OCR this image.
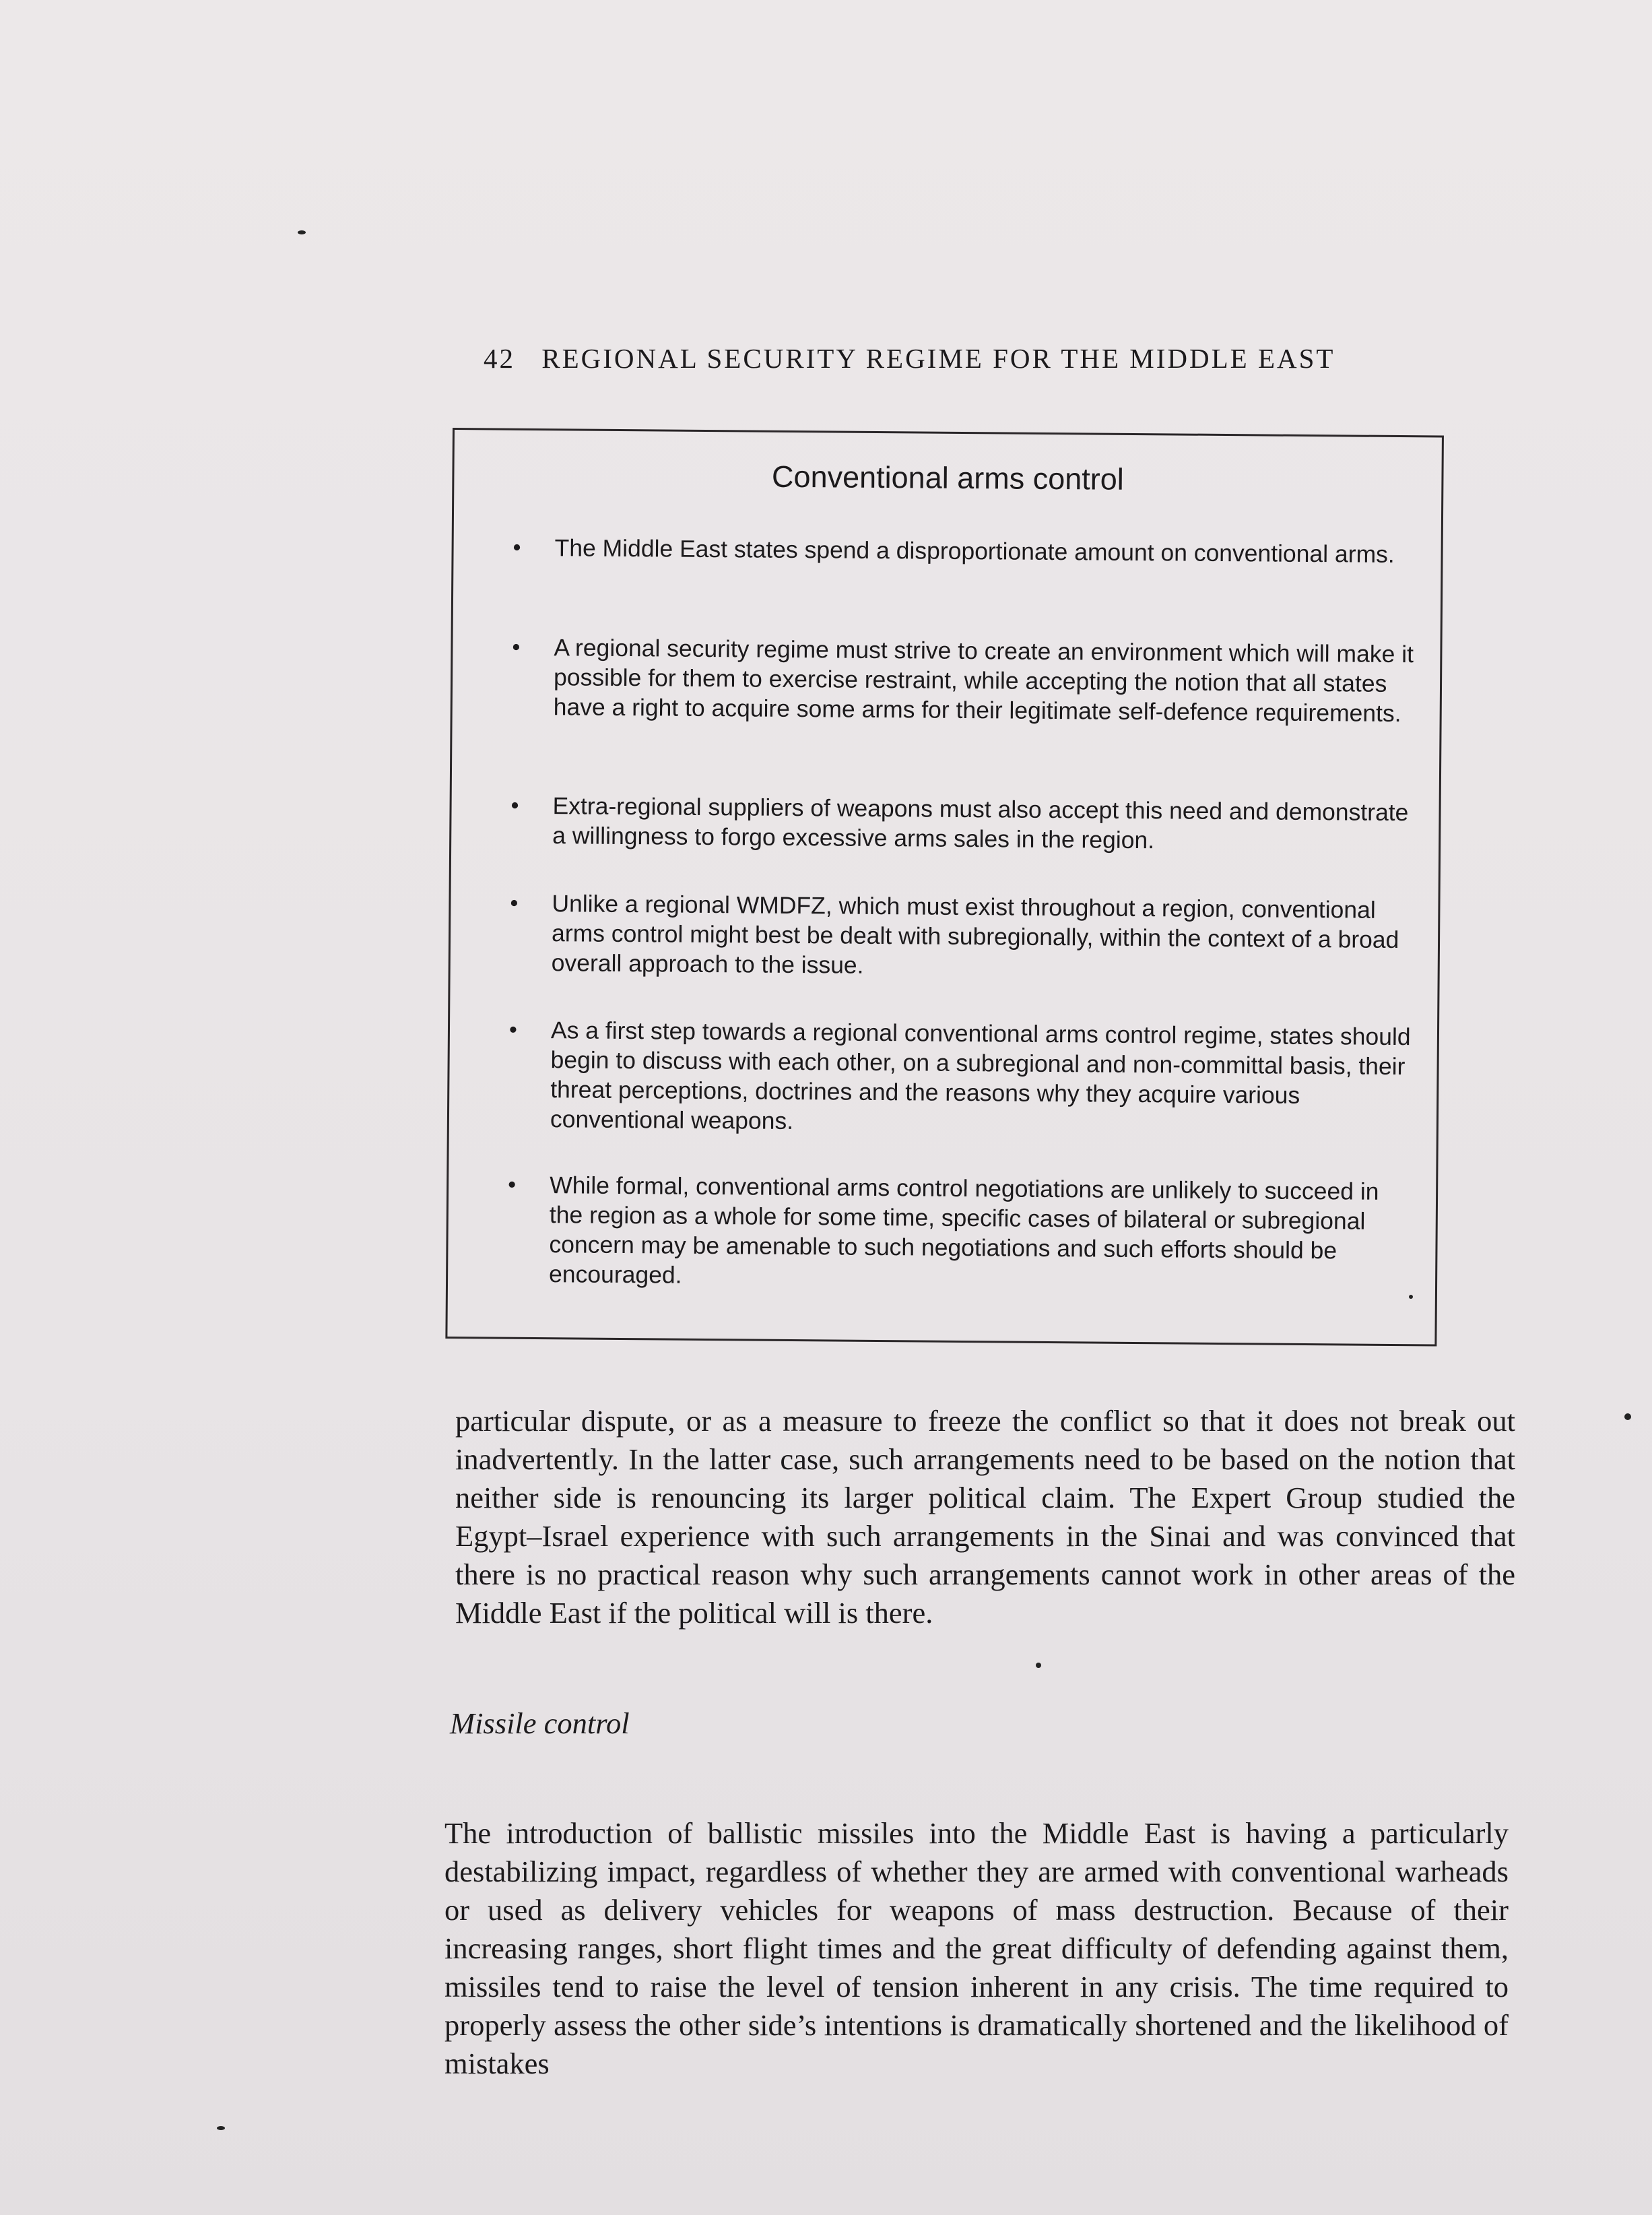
42 REGIONAL SECURITY REGIME FOR THE MIDDLE EAST
Conventional arms control
• The Middle East states spend a disproportionate amount on conventional arms.
• A regional security regime must strive to create an environment which will make it possible for them to exercise restraint, while accepting the notion that all states have a right to acquire some arms for their legitimate self-defence requirements.
• Extra-regional suppliers of weapons must also accept this need and demonstrate a willingness to forgo excessive arms sales in the region.
• Unlike a regional WMDFZ, which must exist throughout a region, conventional arms control might best be dealt with subregionally, within the context of a broad overall approach to the issue.
• As a first step towards a regional conventional arms control regime, states should begin to discuss with each other, on a subregional and non-committal basis, their threat perceptions, doctrines and the reasons why they acquire various conventional weapons.
• While formal, conventional arms control negotiations are unlikely to succeed in the region as a whole for some time, specific cases of bilateral or subregional concern may be amenable to such negotiations and such efforts should be encouraged.

particular dispute, or as a measure to freeze the conflict so that it does not break out inadvertently. In the latter case, such arrangements need to be based on the notion that neither side is renouncing its larger political claim. The Expert Group studied the Egypt–Israel experience with such arrangements in the Sinai and was convinced that there is no practical reason why such arrangements cannot work in other areas of the Middle East if the political will is there.

Missile control

The introduction of ballistic missiles into the Middle East is having a particularly destabilizing impact, regardless of whether they are armed with conventional warheads or used as delivery vehicles for weapons of mass destruction. Because of their increasing ranges, short flight times and the great difficulty of defending against them, missiles tend to raise the level of tension inherent in any crisis. The time required to properly assess the other side’s intentions is dramatically shortened and the likelihood of mistakes
